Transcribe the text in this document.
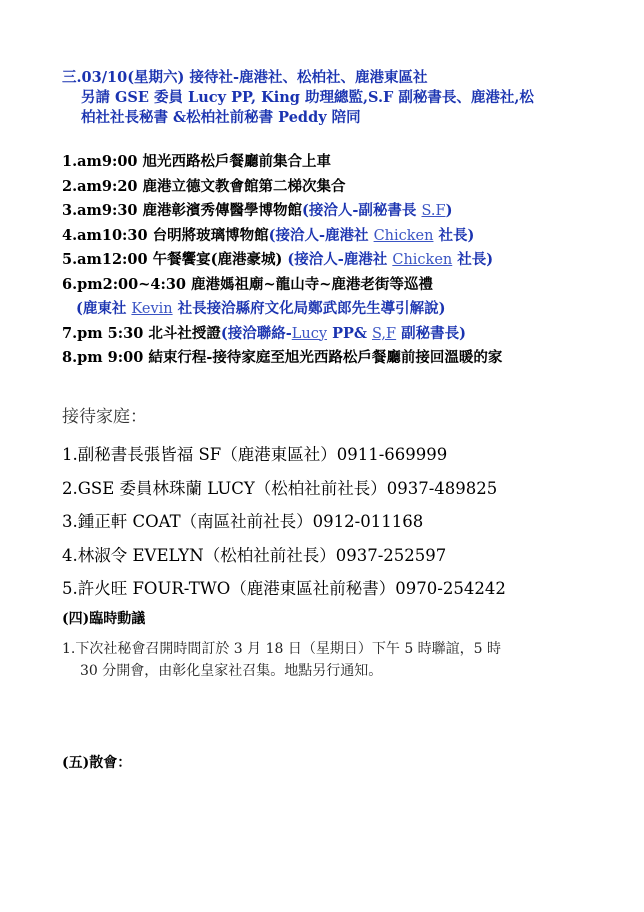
三.03/10(星期六) 接待社-鹿港社、松柏社、鹿港東區社
另請 GSE 委員 Lucy PP, King 助理總監,S.F 副秘書長、鹿港社,松
柏社社長秘書 &松柏社前秘書 Peddy 陪同
1.am9:00 旭光西路松戶餐廳前集合上車
2.am9:20 鹿港立德文教會館第二梯次集合
3.am9:30 鹿港彰濱秀傳醫學博物館(接洽人-副秘書長 S.F)
4.am10:30 台明將玻璃博物館(接洽人-鹿港社 Chicken 社長)
5.am12:00 午餐饗宴(鹿港豪城) (接洽人-鹿港社 Chicken 社長)
6.pm2:00~4:30 鹿港媽祖廟~龍山寺~鹿港老街等巡禮
(鹿東社 Kevin 社長接洽縣府文化局鄭武郎先生導引解說)
7.pm 5:30 北斗社授證(接洽聯絡-Lucy PP& S,F 副秘書長)
8.pm 9:00 結束行程-接待家庭至旭光西路松戶餐廳前接回溫暖的家
接待家庭：
1.副秘書長張皆福 SF（鹿港東區社）0911-669999
2.GSE 委員林珠蘭 LUCY（松柏社前社長）0937-489825
3.鍾正軒 COAT（南區社前社長）0912-011168
4.林淑令 EVELYN（松柏社前社長）0937-252597
5.許火旺 FOUR-TWO（鹿港東區社前秘書）0970-254242
(四)臨時動議
1.下次社秘會召開時間訂於 3 月 18 日（星期日）下午 5 時聯誼，5 時
30 分開會，由彰化皇家社召集。地點另行通知。
(五)散會：
